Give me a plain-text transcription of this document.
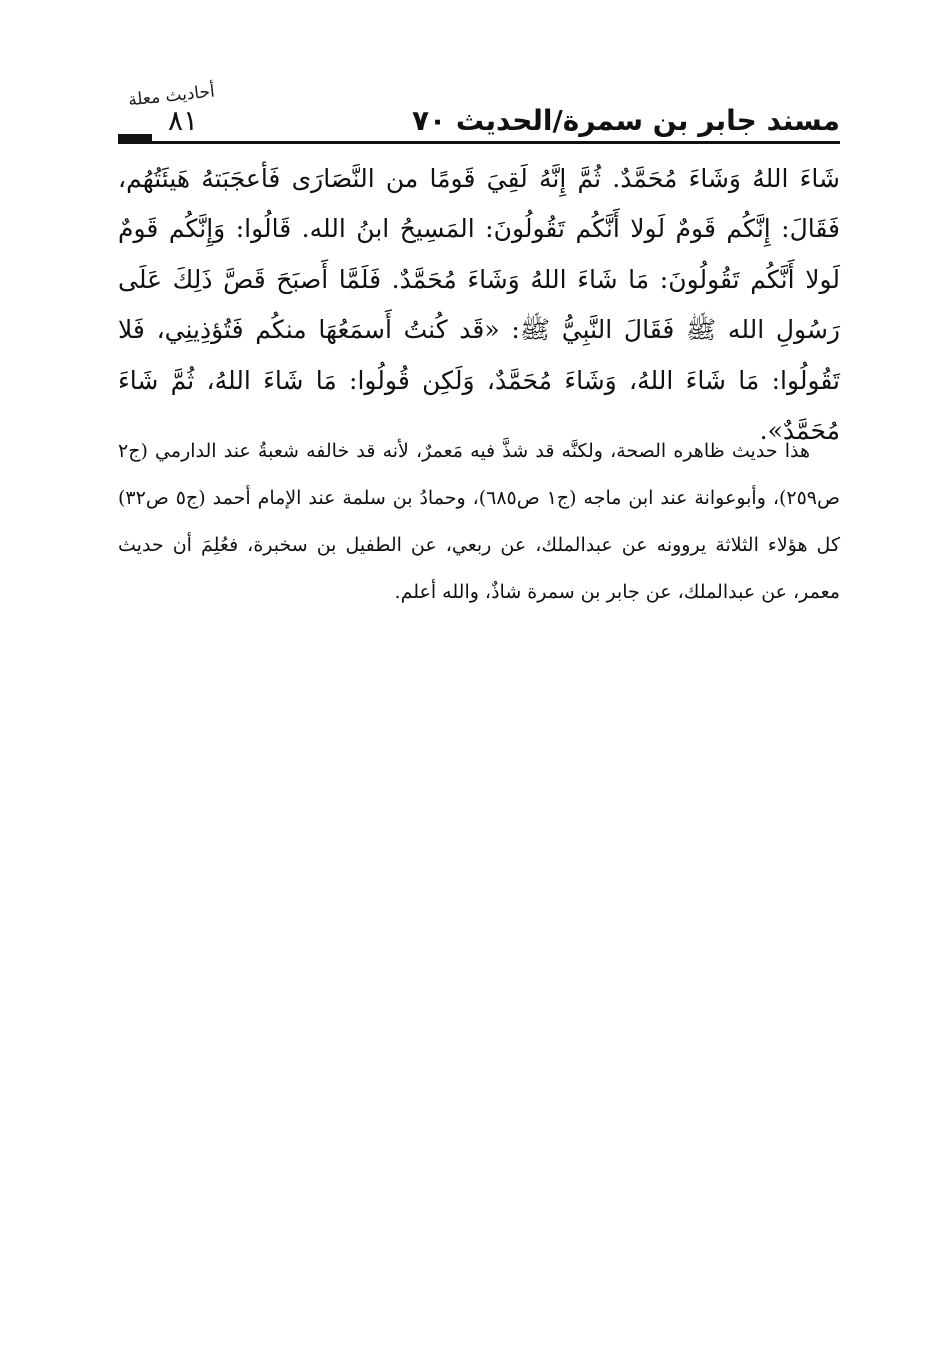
أحاديث معلة
مسند جابر بن سمرة/الحديث ٧٠
٨١

شَاءَ اللهُ وَشَاءَ مُحَمَّدٌ. ثُمَّ إِنَّهُ لَقِيَ قَومًا من النَّصَارَى فَأعجَبَتهُ هَيئَتُهُم، فَقَالَ: إِنَّكُم قَومٌ لَولا أَنَّكُم تَقُولُونَ: المَسِيحُ ابنُ الله. قَالُوا: وَإِنَّكُم قَومٌ لَولا أَنَّكُم تَقُولُونَ: مَا شَاءَ اللهُ وَشَاءَ مُحَمَّدٌ. فَلَمَّا أَصبَحَ قَصَّ ذَلِكَ عَلَى رَسُولِ الله ﷺ فَقَالَ النَّبِيُّ ﷺ: «قَد كُنتُ أَسمَعُهَا منكُم فَتُؤذِينِي، فَلا تَقُولُوا: مَا شَاءَ اللهُ، وَشَاءَ مُحَمَّدٌ، وَلَكِن قُولُوا: مَا شَاءَ اللهُ، ثُمَّ شَاءَ مُحَمَّدٌ».

هذا حديث ظاهره الصحة، ولكنَّه قد شذَّ فيه مَعمرٌ، لأنه قد خالفه شعبةُ عند الدارمي (ج٢ ص٢٥٩)، وأبوعوانة عند ابن ماجه (ج١ ص٦٨٥)، وحمادُ بن سلمة عند الإمام أحمد (ج٥ ص٣٢) كل هؤلاء الثلاثة يروونه عن عبدالملك، عن ربعي، عن الطفيل بن سخبرة، فعُلِمَ أن حديث معمر، عن عبدالملك، عن جابر بن سمرة شاذٌ، والله أعلم.
